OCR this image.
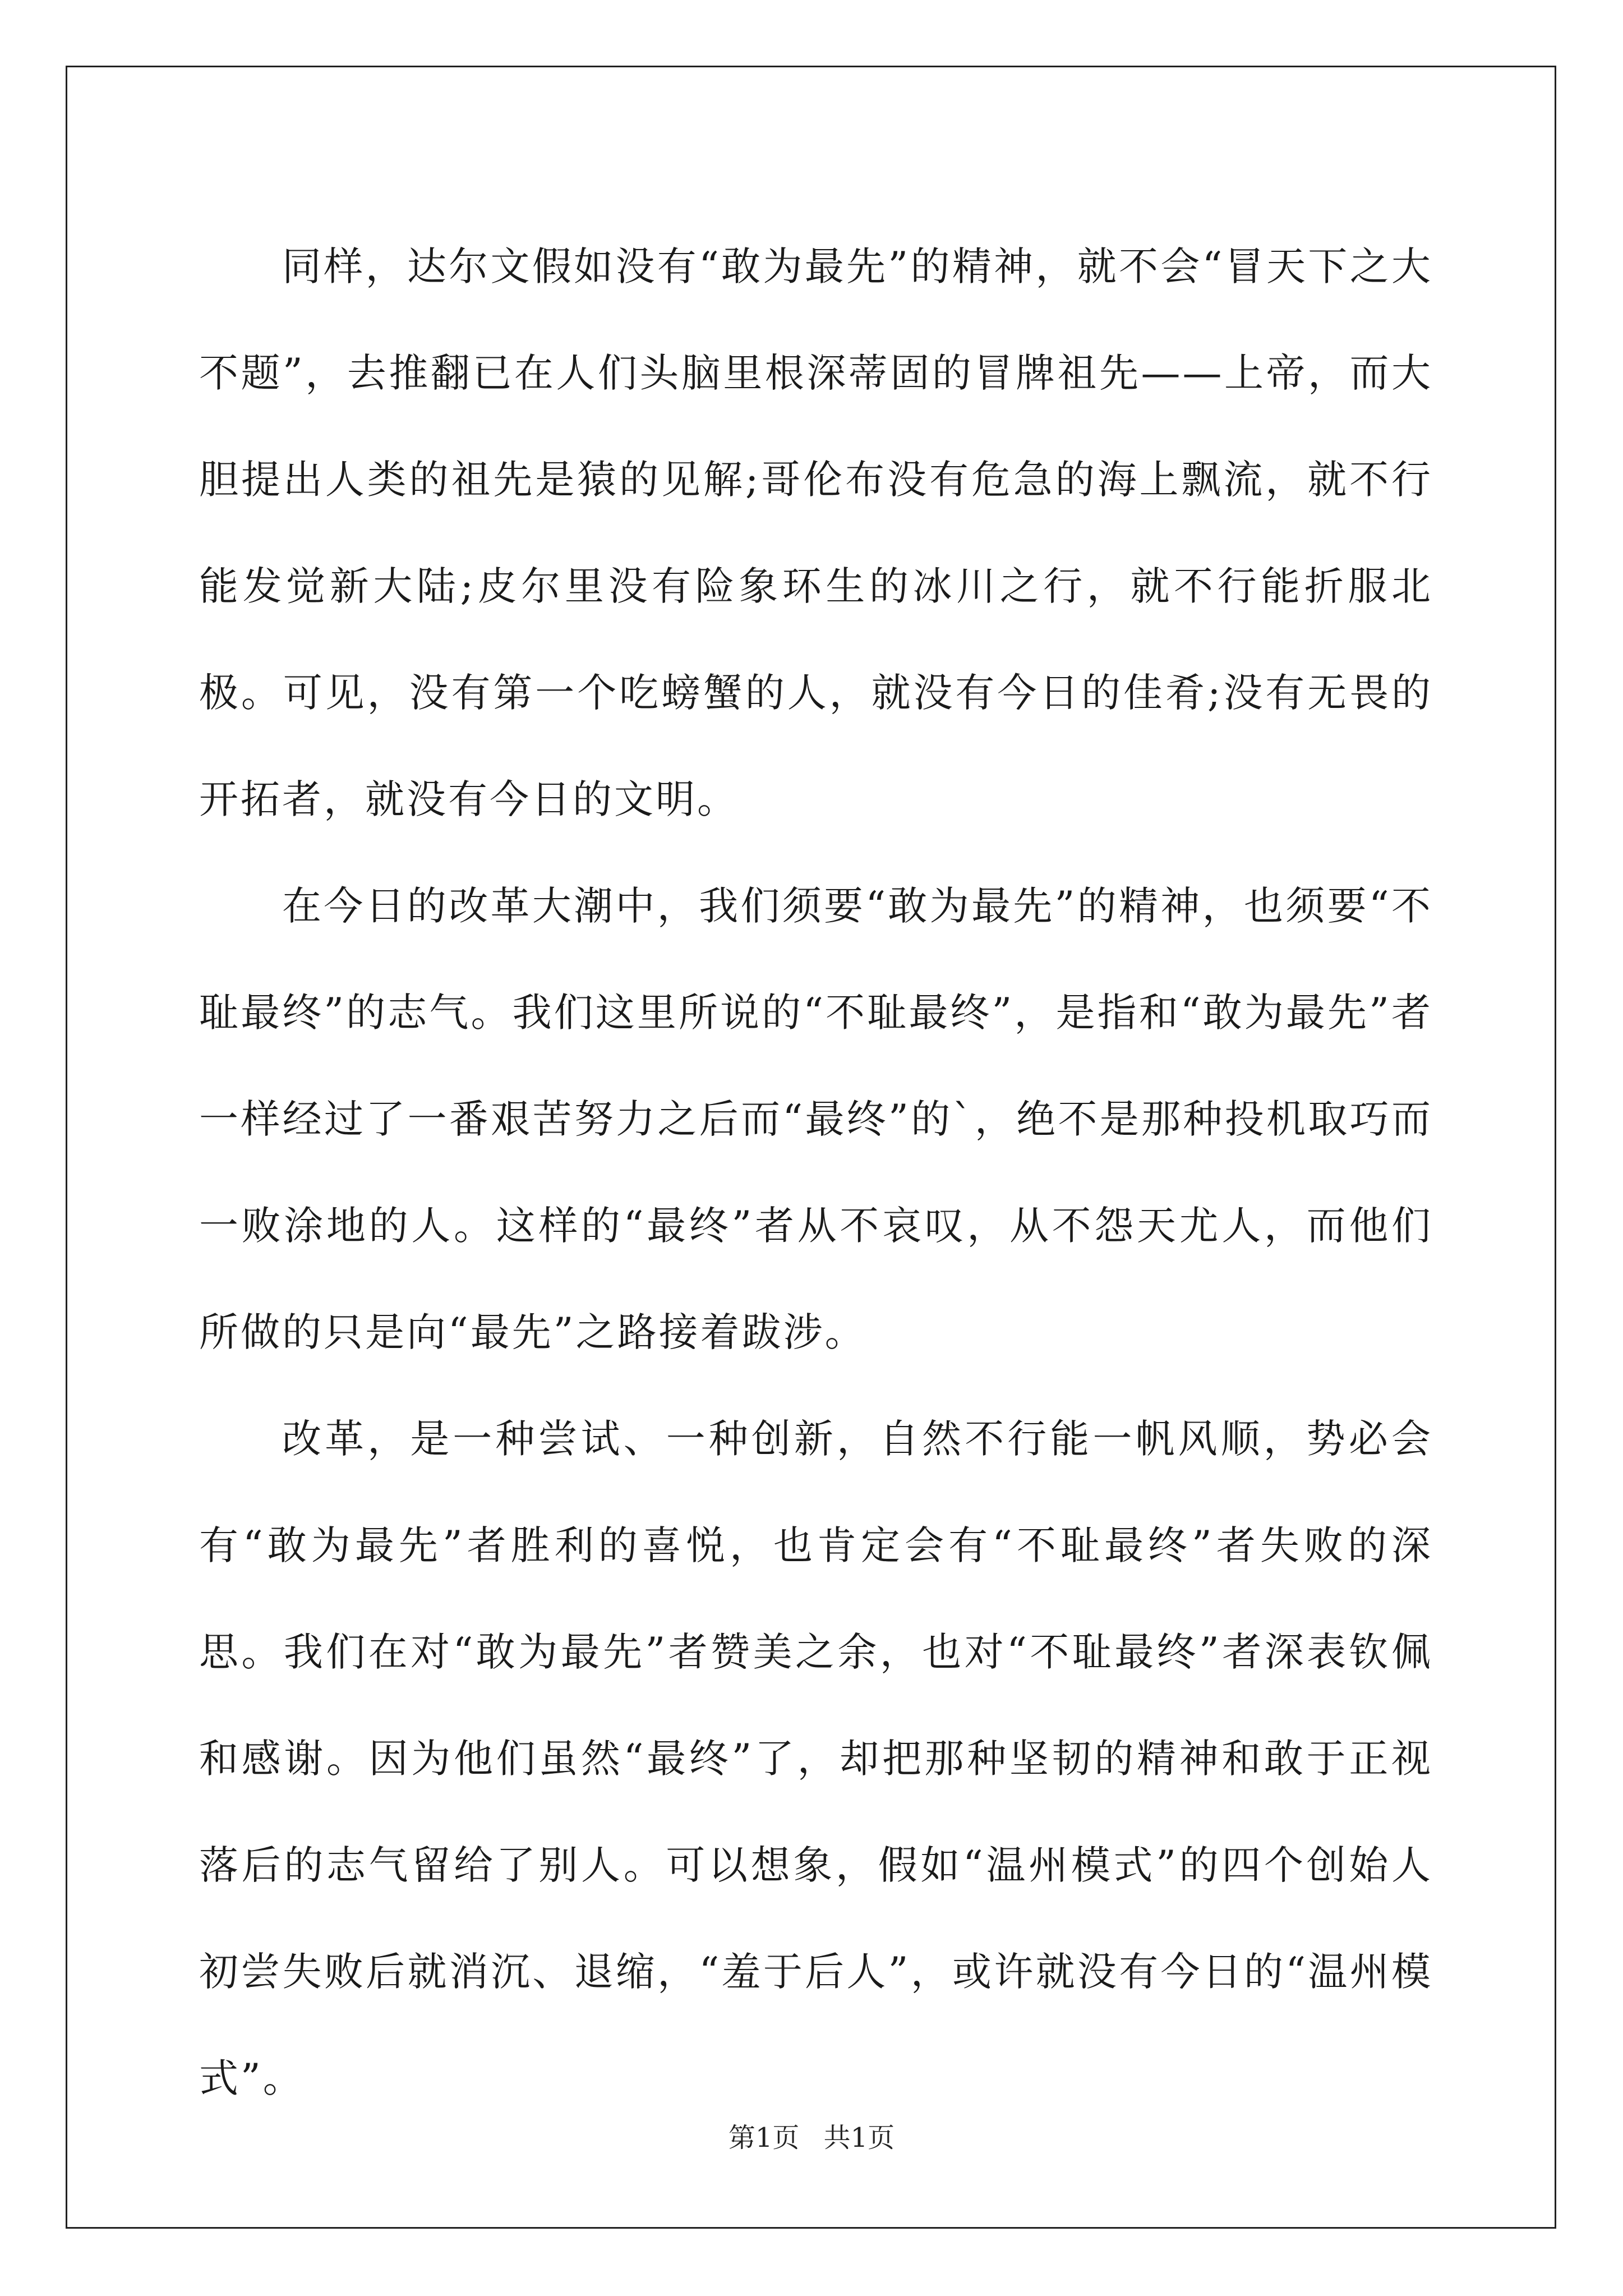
同样，达尔文假如没有“敢为最先”的精神，就不会“冒天下之大不题”，去推翻已在人们头脑里根深蒂固的冒牌祖先——上帝，而大胆提出人类的祖先是猿的见解;哥伦布没有危急的海上飘流，就不行能发觉新大陆;皮尔里没有险象环生的冰川之行，就不行能折服北极。可见，没有第一个吃螃蟹的人，就没有今日的佳肴;没有无畏的开拓者，就没有今日的文明。

在今日的改革大潮中，我们须要“敢为最先”的精神，也须要“不耻最终”的志气。我们这里所说的“不耻最终”，是指和“敢为最先”者一样经过了一番艰苦努力之后而“最终”的`，绝不是那种投机取巧而一败涂地的人。这样的“最终”者从不哀叹，从不怨天尤人，而他们所做的只是向“最先”之路接着跋涉。

改革，是一种尝试、一种创新，自然不行能一帆风顺，势必会有“敢为最先”者胜利的喜悦，也肯定会有“不耻最终”者失败的深思。我们在对“敢为最先”者赞美之余，也对“不耻最终”者深表钦佩和感谢。因为他们虽然“最终”了，却把那种坚韧的精神和敢于正视落后的志气留给了别人。可以想象，假如“温州模式”的四个创始人初尝失败后就消沉、退缩，“羞于后人”，或许就没有今日的“温州模式”。

第1页 共1页
